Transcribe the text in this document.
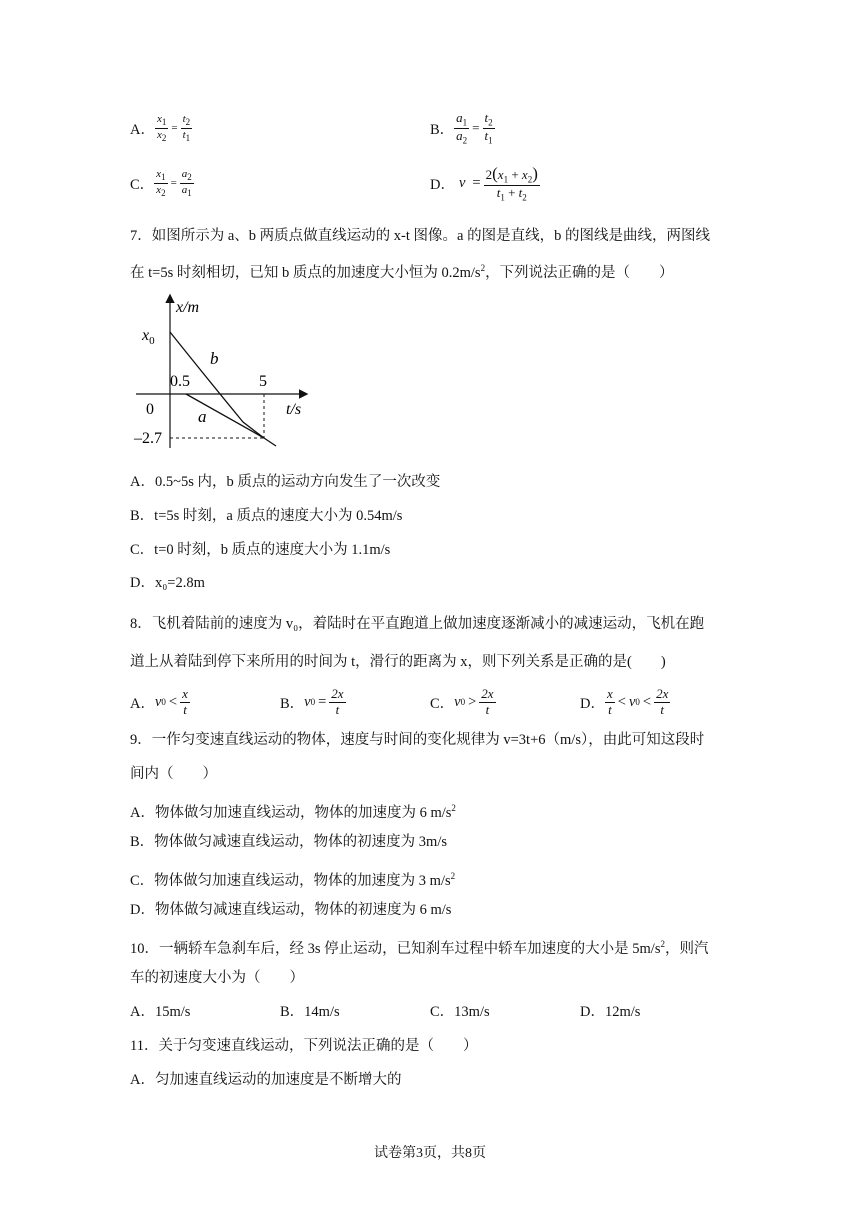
A． $\frac{x_1}{x_2} = \frac{t_2}{t_1}$	B． $\frac{a_1}{a_2} = \frac{t_2}{t_1}$
C． $\frac{x_1}{x_2} = \frac{a_2}{a_1}$	D． $v = \frac{2(x_1 + x_2)}{t_1 + t_2}$
7．如图所示为 a、b 两质点做直线运动的 x-t 图像。a 的图是直线，b 的图线是曲线，两图线
在 t=5s 时刻相切，已知 b 质点的加速度大小恒为 $0.2m/s^2$，下列说法正确的是（　　）
x/m
$x_0$
b
0.5	5
0	t/s
a
–2.7
A．0.5~5s 内，b 质点的运动方向发生了一次改变
B．t=5s 时刻，a 质点的速度大小为 0.54m/s
C．t=0 时刻，b 质点的速度大小为 1.1m/s
D．x₀=2.8m
8．飞机着陆前的速度为 v₀，着陆时在平直跑道上做加速度逐渐减小的减速运动，飞机在跑
道上从着陆到停下来所用的时间为 t，滑行的距离为 x，则下列关系是正确的是(　　)
A． v $0 < \frac{x}{t}$	B． v $0 = \frac{2x}{t}$	C． v $0 > \frac{2x}{t}$	D． $\frac{x}{t} < v$ $0 < \frac{2x}{t}$
9．一作匀变速直线运动的物体，速度与时间的变化规律为 v=3t+6（m/s），由此可知这段时
间内（　　）
A．物体做匀加速直线运动，物体的加速度为 6 $m/s^2$
B．物体做匀减速直线运动，物体的初速度为 3m/s
C．物体做匀加速直线运动，物体的加速度为 3 $m/s^2$
D．物体做匀减速直线运动，物体的初速度为 6 m/s
10．一辆轿车急刹车后，经 3s 停止运动，已知刹车过程中轿车加速度的大小是 $5m/s^2$，则汽
车的初速度大小为（　　）
A．15m/s	B．14m/s	C．13m/s	D．12m/s
11．关于匀变速直线运动，下列说法正确的是（　　）
A．匀加速直线运动的加速度是不断增大的
试卷第3页，共8页
